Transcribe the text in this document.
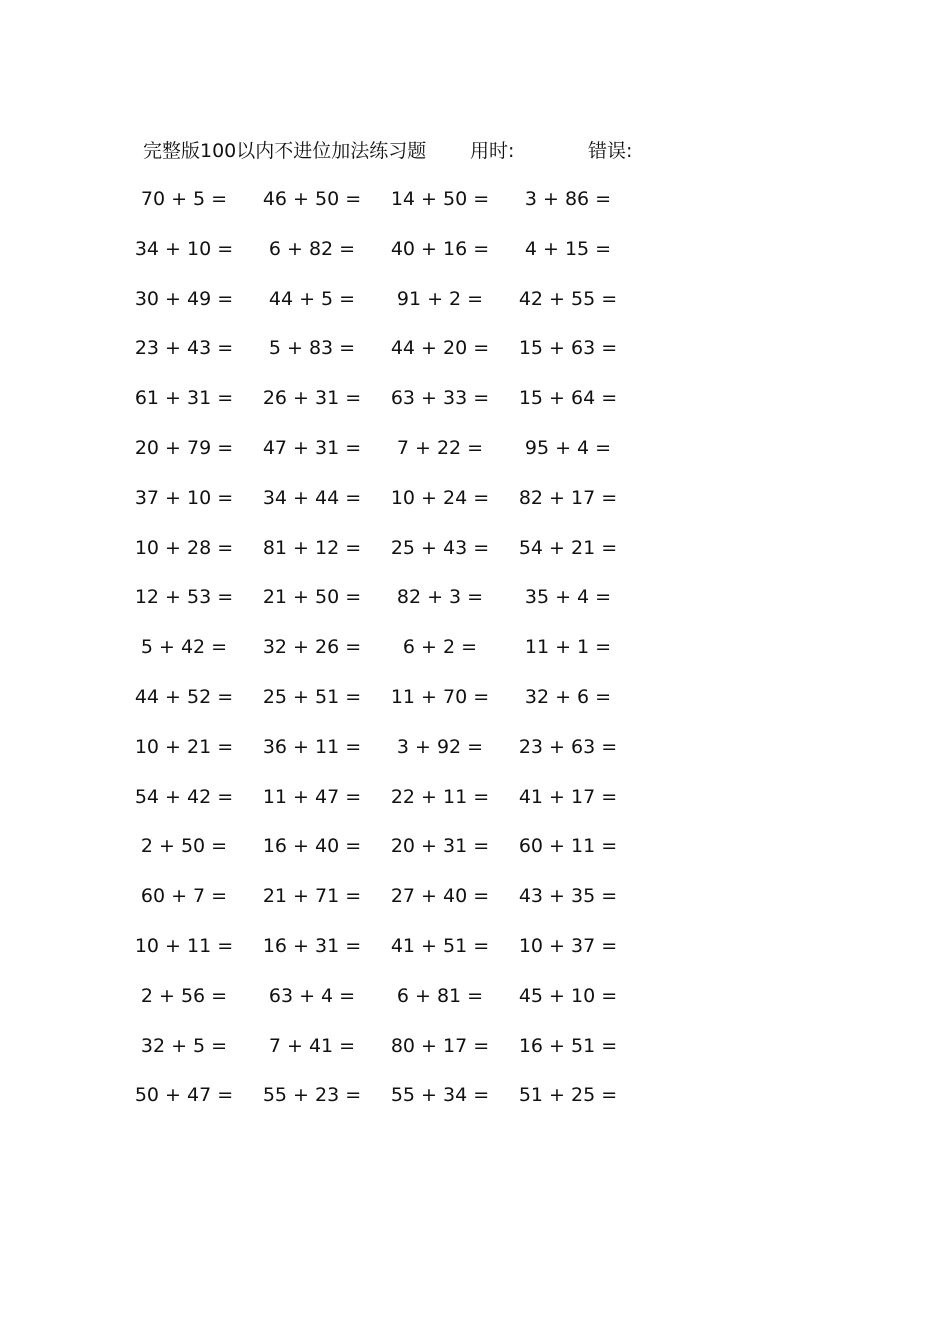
完整版100以内不进位加法练习题 用时:	错误:
70 + 5 =	46 + 50 =	14 + 50 =	3 + 86 =
34 + 10 =	6 + 82 =	40 + 16 =	4 + 15 =
30 + 49 =	44 + 5 =	91 + 2 =	42 + 55 =
23 + 43 =	5 + 83 =	44 + 20 =	15 + 63 =
61 + 31 =	26 + 31 =	63 + 33 =	15 + 64 =
20 + 79 =	47 + 31 =	7 + 22 =	95 + 4 =
37 + 10 =	34 + 44 =	10 + 24 =	82 + 17 =
10 + 28 =	81 + 12 =	25 + 43 =	54 + 21 =
12 + 53 =	21 + 50 =	82 + 3 =	35 + 4 =
5 + 42 =	32 + 26 =	6 + 2 =	11 + 1 =
44 + 52 =	25 + 51 =	11 + 70 =	32 + 6 =
10 + 21 =	36 + 11 =	3 + 92 =	23 + 63 =
54 + 42 =	11 + 47 =	22 + 11 =	41 + 17 =
2 + 50 =	16 + 40 =	20 + 31 =	60 + 11 =
60 + 7 =	21 + 71 =	27 + 40 =	43 + 35 =
10 + 11 =	16 + 31 =	41 + 51 =	10 + 37 =
2 + 56 =	63 + 4 =	6 + 81 =	45 + 10 =
32 + 5 =	7 + 41 =	80 + 17 =	16 + 51 =
50 + 47 =	55 + 23 =	55 + 34 =	51 + 25 =
